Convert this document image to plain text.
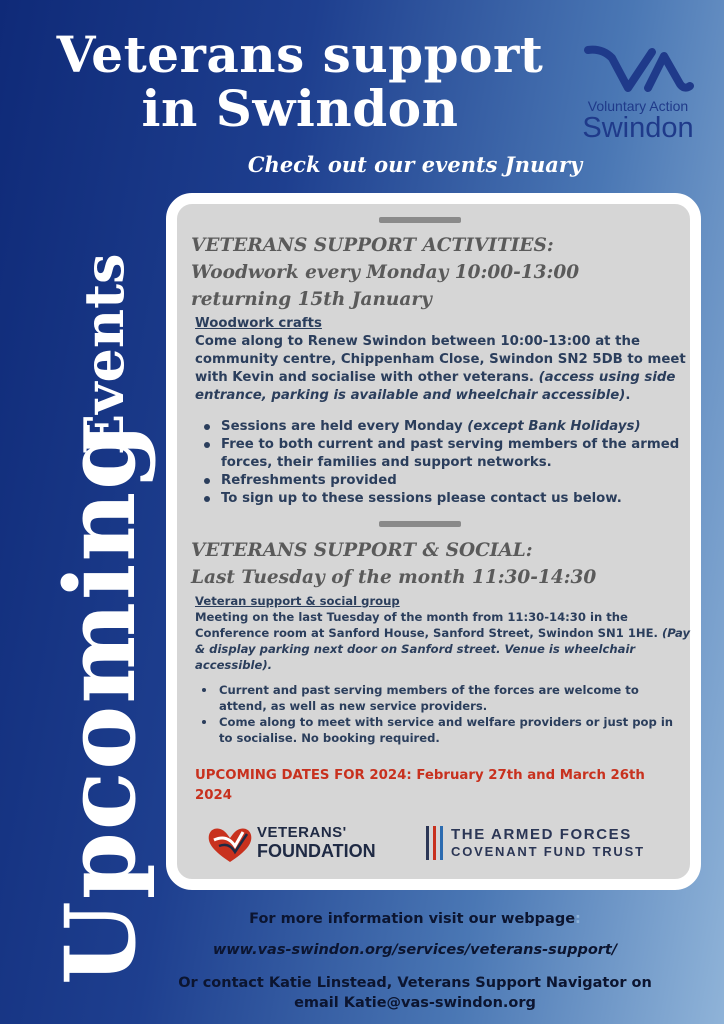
Veterans support
in Swindon	Voluntary Action
Swindon
Check out our events Jnuary
Upcoming
Events
VETERANS SUPPORT ACTIVITIES:
Woodwork every Monday 10:00-13:00
returning 15th January
Woodwork crafts
Come along to Renew Swindon between 10:00-13:00 at the community centre, Chippenham Close, Swindon SN2 5DB to meet with Kevin and socialise with other veterans. (access using side entrance, parking is available and wheelchair accessible).
Sessions are held every Monday (except Bank Holidays)
Free to both current and past serving members of the armed forces, their families and support networks.
Refreshments provided
To sign up to these sessions please contact us below.
VETERANS SUPPORT & SOCIAL:
Last Tuesday of the month 11:30-14:30
Veteran support & social group
Meeting on the last Tuesday of the month from 11:30-14:30 in the Conference room at Sanford House, Sanford Street, Swindon SN1 1HE. (Pay & display parking next door on Sanford street. Venue is wheelchair accessible).
Current and past serving members of the forces are welcome to attend, as well as new service providers.
Come along to meet with service and welfare providers or just pop in to socialise. No booking required.
UPCOMING DATES FOR 2024: February 27th and March 26th 2024
VETERANS'
FOUNDATION
THE ARMED FORCES
COVENANT FUND TRUST
For more information visit our webpage:
www.vas-swindon.org/services/veterans-support/
Or contact Katie Linstead, Veterans Support Navigator on
email Katie@vas-swindon.org
